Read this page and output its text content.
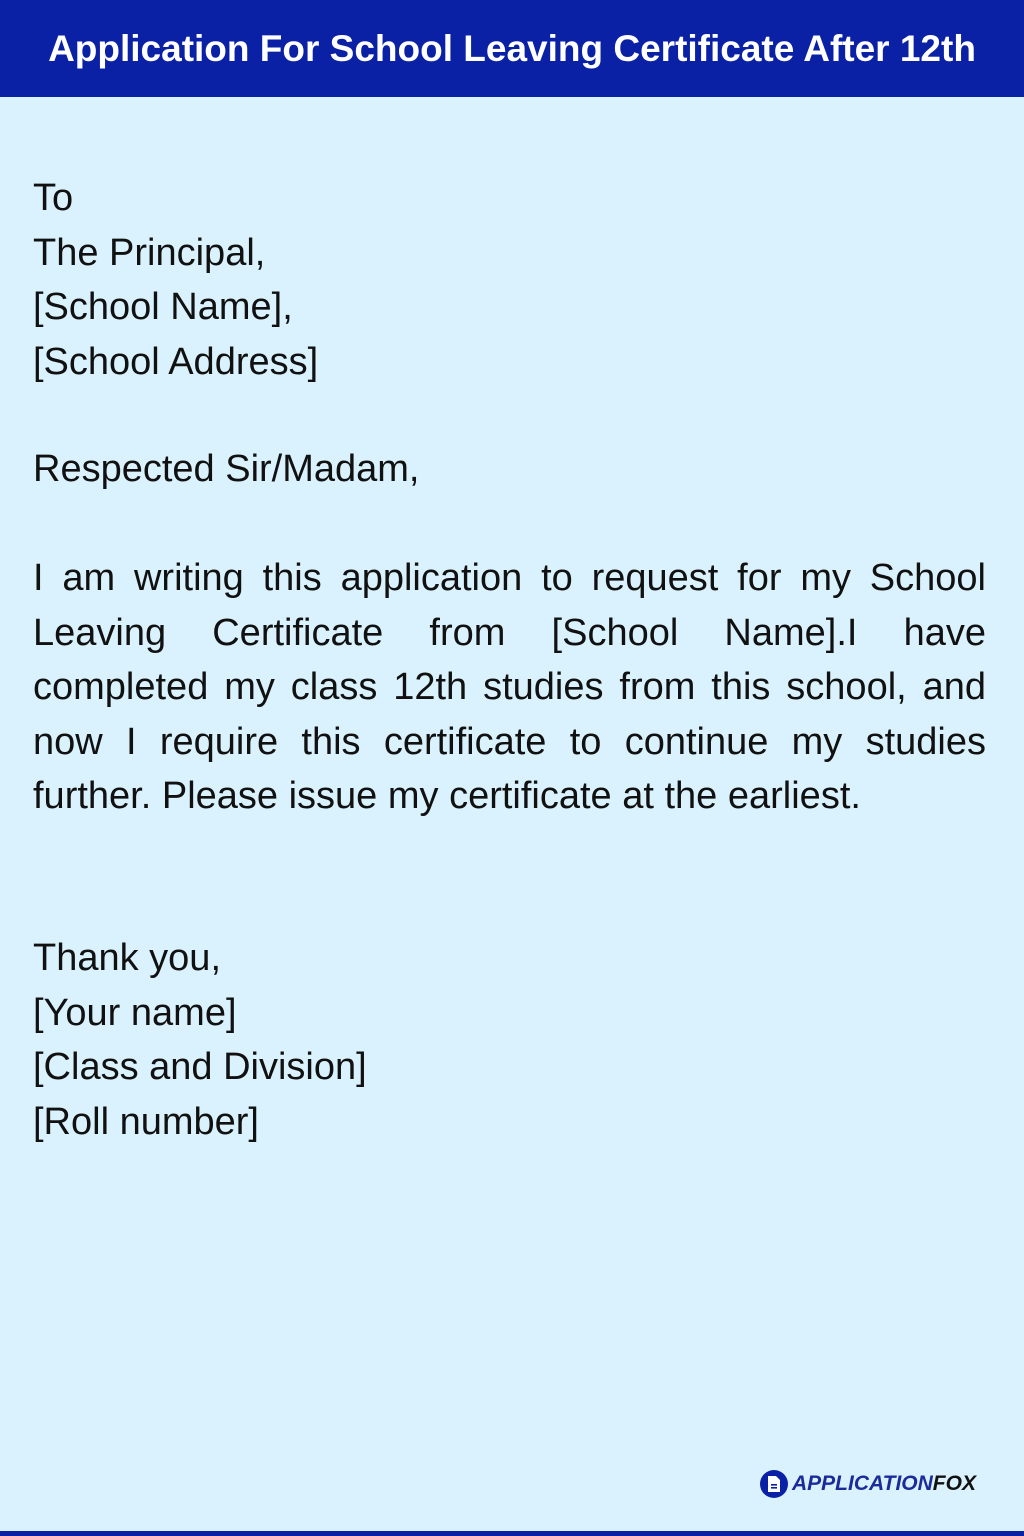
Application For School Leaving Certificate After 12th
To
The Principal,
[School Name],
[School Address]
Respected Sir/Madam,
I am writing this application to request for my School Leaving Certificate from [School Name].I have completed my class 12th studies from this school, and now I require this certificate to continue my studies further. Please issue my certificate at the earliest.
Thank you,
[Your name]
[Class and Division]
[Roll number]
APPLICATION FOX
